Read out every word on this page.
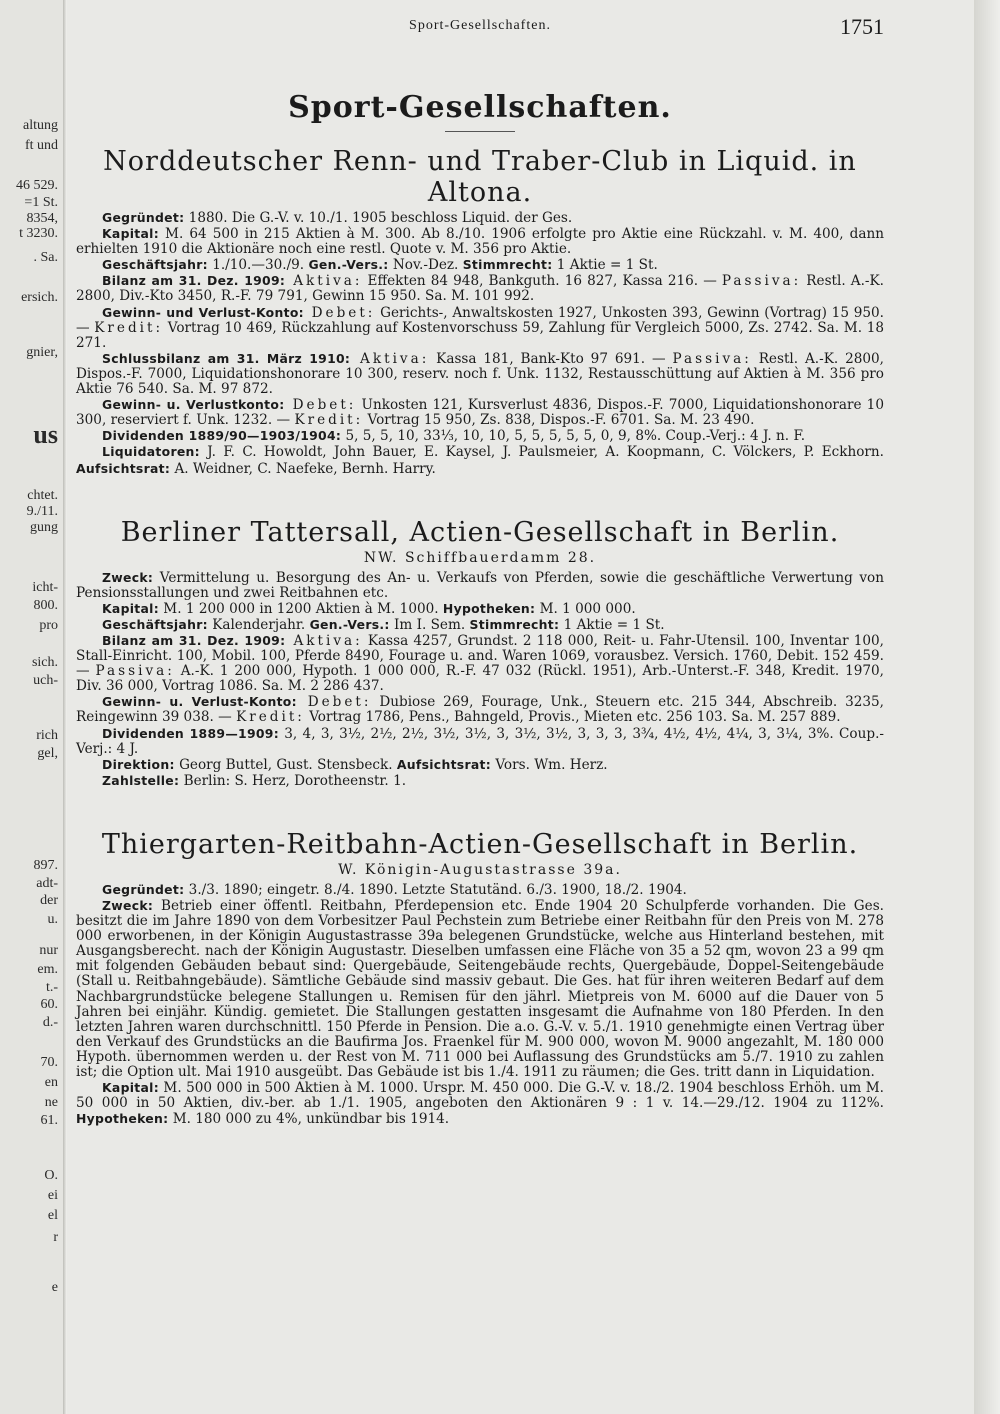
altung
ft und
46 529.
=1 St.
8354,
t 3230.
. Sa.
ersich.
gnier,
us
chtet.
9./11.
gung
icht-
800.
pro
sich.
uch-
rich
gel,
897.
adt-
der
u.
nur
em.
t.-
60.
d.-
70.
en
ne
61.
O.
ei
el
r
e
Sport-Gesellschaften.	1751
Sport-Gesellschaften.
Norddeutscher Renn- und Traber-Club in Liquid. in Altona.

Gegründet: 1880. Die G.-V. v. 10./1. 1905 beschloss Liquid. der Ges.

Kapital: M. 64 500 in 215 Aktien à M. 300. Ab 8./10. 1906 erfolgte pro Aktie eine Rückzahl. v. M. 400, dann erhielten 1910 die Aktionäre noch eine restl. Quote v. M. 356 pro Aktie.

Geschäftsjahr: 1./10.—30./9. Gen.-Vers.: Nov.-Dez. Stimmrecht: 1 Aktie = 1 St.

Bilanz am 31. Dez. 1909: Aktiva: Effekten 84 948, Bankguth. 16 827, Kassa 216. — Passiva: Restl. A.-K. 2800, Div.-Kto 3450, R.-F. 79 791, Gewinn 15 950. Sa. M. 101 992.

Gewinn- und Verlust-Konto: Debet: Gerichts-, Anwaltskosten 1927, Unkosten 393, Gewinn (Vortrag) 15 950. — Kredit: Vortrag 10 469, Rückzahlung auf Kostenvorschuss 59, Zahlung für Vergleich 5000, Zs. 2742. Sa. M. 18 271.

Schlussbilanz am 31. März 1910: Aktiva: Kassa 181, Bank-Kto 97 691. — Passiva: Restl. A.-K. 2800, Dispos.-F. 7000, Liquidationshonorare 10 300, reserv. noch f. Unk. 1132, Restausschüttung auf Aktien à M. 356 pro Aktie 76 540. Sa. M. 97 872.

Gewinn- u. Verlustkonto: Debet: Unkosten 121, Kursverlust 4836, Dispos.-F. 7000, Liquidationshonorare 10 300, reserviert f. Unk. 1232. — Kredit: Vortrag 15 950, Zs. 838, Dispos.-F. 6701. Sa. M. 23 490.

Dividenden 1889/90—1903/1904: 5, 5, 5, 10, 33⅓, 10, 10, 5, 5, 5, 5, 5, 0, 9, 8%. Coup.-Verj.: 4 J. n. F.

Liquidatoren: J. F. C. Howoldt, John Bauer, E. Kaysel, J. Paulsmeier, A. Koopmann, C. Völckers, P. Eckhorn. Aufsichtsrat: A. Weidner, C. Naefeke, Bernh. Harry.

Berliner Tattersall, Actien-Gesellschaft in Berlin.
NW. Schiffbauerdamm 28.

Zweck: Vermittelung u. Besorgung des An- u. Verkaufs von Pferden, sowie die geschäftliche Verwertung von Pensionsstallungen und zwei Reitbahnen etc.

Kapital: M. 1 200 000 in 1200 Aktien à M. 1000. Hypotheken: M. 1 000 000.

Geschäftsjahr: Kalenderjahr. Gen.-Vers.: Im I. Sem. Stimmrecht: 1 Aktie = 1 St.

Bilanz am 31. Dez. 1909: Aktiva: Kassa 4257, Grundst. 2 118 000, Reit- u. Fahr-Utensil. 100, Inventar 100, Stall-Einricht. 100, Mobil. 100, Pferde 8490, Fourage u. and. Waren 1069, vorausbez. Versich. 1760, Debit. 152 459. — Passiva: A.-K. 1 200 000, Hypoth. 1 000 000, R.-F. 47 032 (Rückl. 1951), Arb.-Unterst.-F. 348, Kredit. 1970, Div. 36 000, Vortrag 1086. Sa. M. 2 286 437.

Gewinn- u. Verlust-Konto: Debet: Dubiose 269, Fourage, Unk., Steuern etc. 215 344, Abschreib. 3235, Reingewinn 39 038. — Kredit: Vortrag 1786, Pens., Bahngeld, Provis., Mieten etc. 256 103. Sa. M. 257 889.

Dividenden 1889—1909: 3, 4, 3, 3½, 2½, 2½, 3½, 3½, 3, 3½, 3½, 3, 3, 3, 3¾, 4½, 4½, 4¼, 3, 3¼, 3%. Coup.-Verj.: 4 J.

Direktion: Georg Buttel, Gust. Stensbeck. Aufsichtsrat: Vors. Wm. Herz.

Zahlstelle: Berlin: S. Herz, Dorotheenstr. 1.

Thiergarten-Reitbahn-Actien-Gesellschaft in Berlin.
W. Königin-Augustastrasse 39a.

Gegründet: 3./3. 1890; eingetr. 8./4. 1890. Letzte Statutänd. 6./3. 1900, 18./2. 1904.

Zweck: Betrieb einer öffentl. Reitbahn, Pferdepension etc. Ende 1904 20 Schulpferde vorhanden. Die Ges. besitzt die im Jahre 1890 von dem Vorbesitzer Paul Pechstein zum Betriebe einer Reitbahn für den Preis von M. 278 000 erworbenen, in der Königin Augustastrasse 39a belegenen Grundstücke, welche aus Hinterland bestehen, mit Ausgangsberecht. nach der Königin Augustastr. Dieselben umfassen eine Fläche von 35 a 52 qm, wovon 23 a 99 qm mit folgenden Gebäuden bebaut sind: Quergebäude, Seitengebäude rechts, Quergebäude, Doppel-Seitengebäude (Stall u. Reitbahngebäude). Sämtliche Gebäude sind massiv gebaut. Die Ges. hat für ihren weiteren Bedarf auf dem Nachbargrundstücke belegene Stallungen u. Remisen für den jährl. Mietpreis von M. 6000 auf die Dauer von 5 Jahren bei einjähr. Kündig. gemietet. Die Stallungen gestatten insgesamt die Aufnahme von 180 Pferden. In den letzten Jahren waren durchschnittl. 150 Pferde in Pension. Die a.o. G.-V. v. 5./1. 1910 genehmigte einen Vertrag über den Verkauf des Grundstücks an die Baufirma Jos. Fraenkel für M. 900 000, wovon M. 9000 angezahlt, M. 180 000 Hypoth. übernommen werden u. der Rest von M. 711 000 bei Auflassung des Grundstücks am 5./7. 1910 zu zahlen ist; die Option ult. Mai 1910 ausgeübt. Das Gebäude ist bis 1./4. 1911 zu räumen; die Ges. tritt dann in Liquidation.

Kapital: M. 500 000 in 500 Aktien à M. 1000. Urspr. M. 450 000. Die G.-V. v. 18./2. 1904 beschloss Erhöh. um M. 50 000 in 50 Aktien, div.-ber. ab 1./1. 1905, angeboten den Aktionären 9 : 1 v. 14.—29./12. 1904 zu 112%. Hypotheken: M. 180 000 zu 4%, unkündbar bis 1914.
